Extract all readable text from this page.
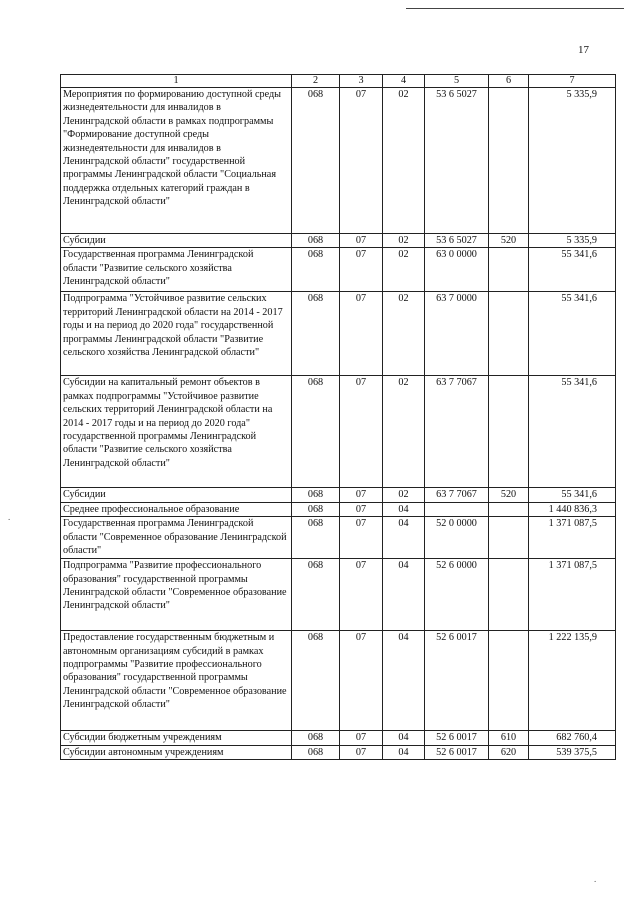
17
1	2	3	4	5	6	7
Мероприятия по формированию доступной среды жизнедеятельности для инвалидов в Ленинградской области в рамках подпрограммы "Формирование доступной среды жизнедеятельности для инвалидов в Ленинградской области" государственной программы Ленинградской области "Социальная поддержка отдельных категорий граждан в Ленинградской области"	068	07	02	53 6 5027		5 335,9
Субсидии	068	07	02	53 6 5027	520	5 335,9
Государственная программа Ленинградской области "Развитие сельского хозяйства Ленинградской области"	068	07	02	63 0 0000		55 341,6
Подпрограмма "Устойчивое развитие сельских территорий Ленинградской области на 2014 - 2017 годы и на период до 2020 года" государственной программы Ленинградской области "Развитие сельского хозяйства Ленинградской области"	068	07	02	63 7 0000		55 341,6
Субсидии на капитальный ремонт объектов в рамках подпрограммы "Устойчивое развитие сельских территорий Ленинградской области на 2014 - 2017 годы и на период до 2020 года" государственной программы Ленинградской области "Развитие сельского хозяйства Ленинградской области"	068	07	02	63 7 7067		55 341,6
Субсидии	068	07	02	63 7 7067	520	55 341,6
Среднее профессиональное образование	068	07	04			1 440 836,3
Государственная программа Ленинградской области "Современное образование Ленинградской области"	068	07	04	52 0 0000		1 371 087,5
Подпрограмма "Развитие профессионального образования" государственной программы Ленинградской области "Современное образование Ленинградской области"	068	07	04	52 6 0000		1 371 087,5
Предоставление государственным бюджетным и автономным организациям субсидий в рамках подпрограммы "Развитие профессионального образования" государственной программы Ленинградской области "Современное образование Ленинградской области"	068	07	04	52 6 0017		1 222 135,9
Субсидии бюджетным учреждениям	068	07	04	52 6 0017	610	682 760,4
Субсидии автономным учреждениям	068	07	04	52 6 0017	620	539 375,5
.
.
